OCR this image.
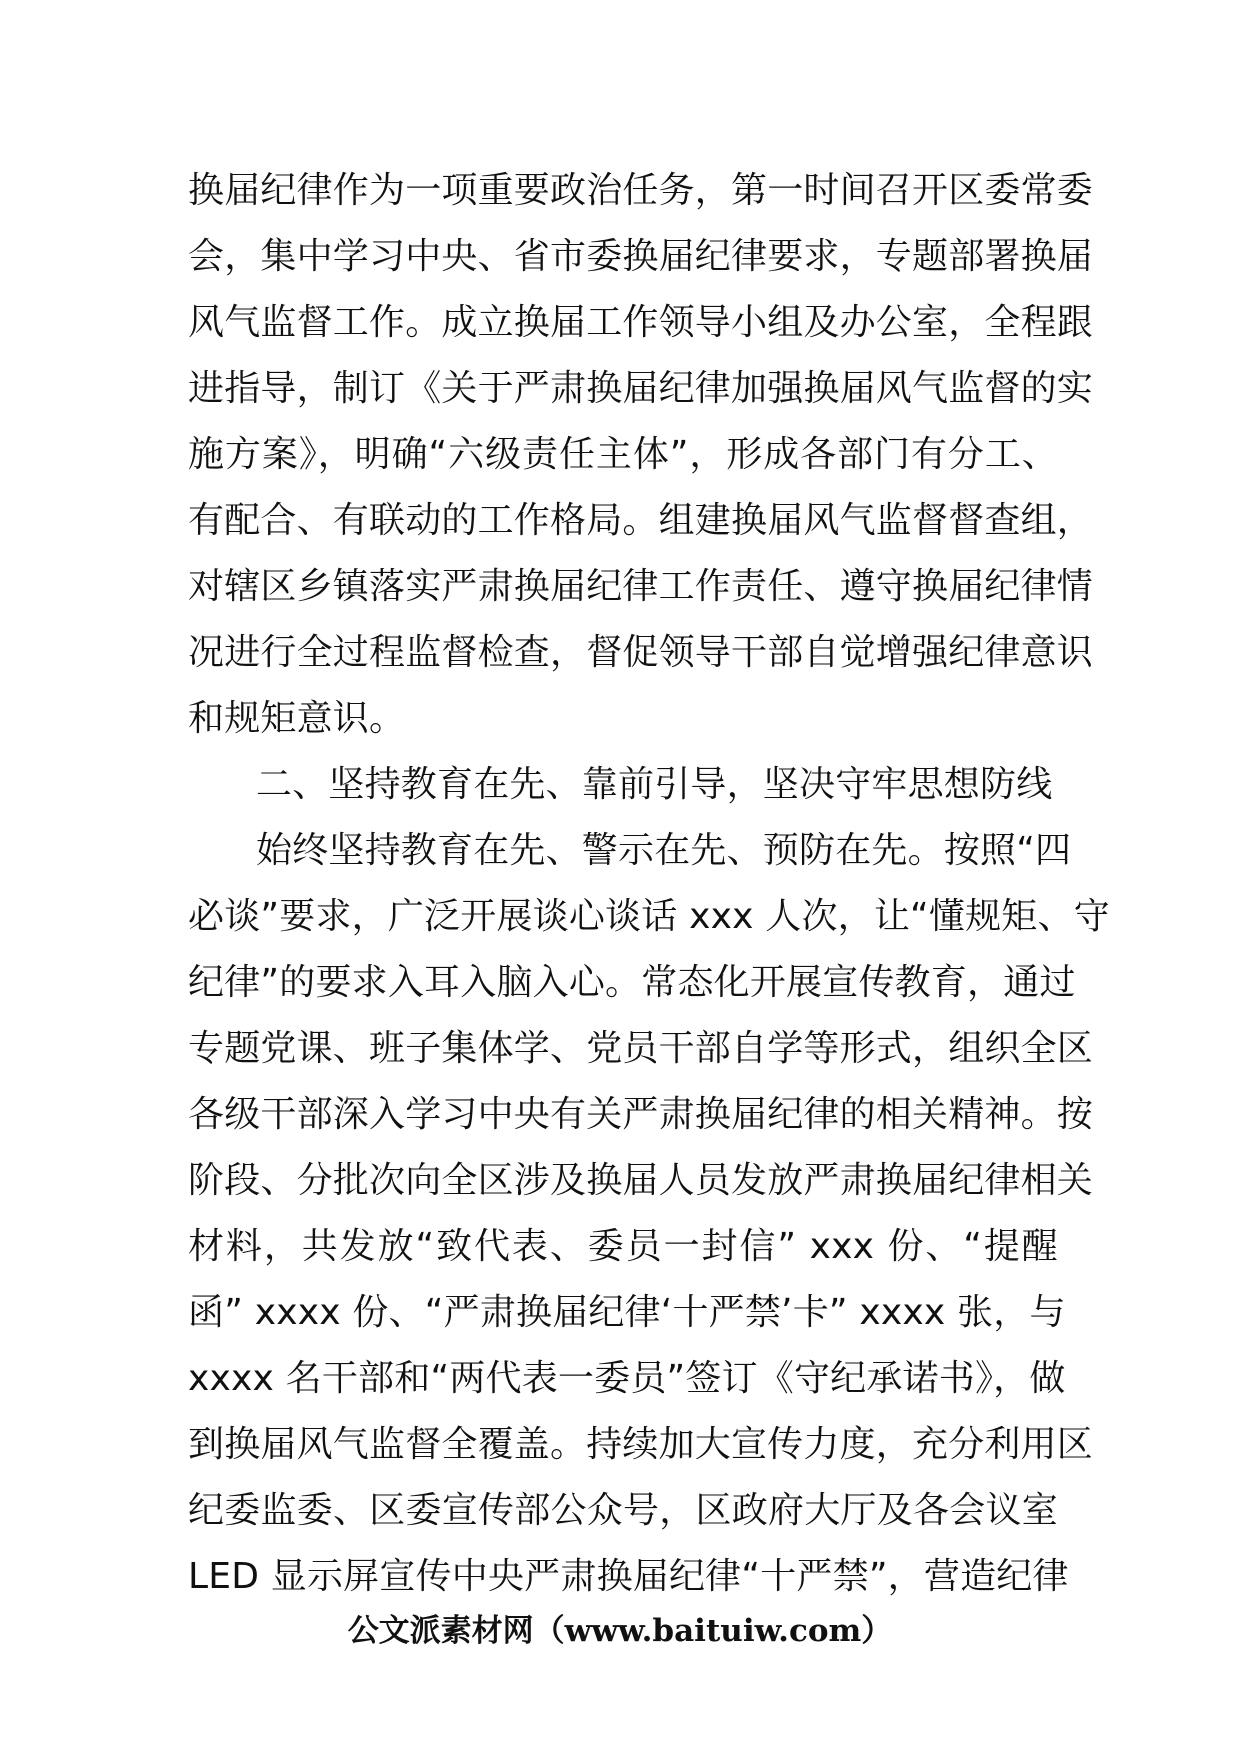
换届纪律作为一项重要政治任务，第一时间召开区委常委
会，集中学习中央、省市委换届纪律要求，专题部署换届
风气监督工作。成立换届工作领导小组及办公室，全程跟
进指导，制订《关于严肃换届纪律加强换届风气监督的实
施方案》，明确“六级责任主体”，形成各部门有分工、
有配合、有联动的工作格局。组建换届风气监督督查组，
对辖区乡镇落实严肃换届纪律工作责任、遵守换届纪律情
况进行全过程监督检查，督促领导干部自觉增强纪律意识
和规矩意识。
二、坚持教育在先、靠前引导，坚决守牢思想防线
始终坚持教育在先、警示在先、预防在先。按照“四
必谈”要求，广泛开展谈心谈话 xxx 人次，让“懂规矩、守
纪律”的要求入耳入脑入心。常态化开展宣传教育，通过
专题党课、班子集体学、党员干部自学等形式，组织全区
各级干部深入学习中央有关严肃换届纪律的相关精神。按
阶段、分批次向全区涉及换届人员发放严肃换届纪律相关
材料，共发放“致代表、委员一封信” xxx 份、“提醒
函” xxxx 份、“严肃换届纪律‘十严禁’卡” xxxx 张，与
xxxx 名干部和“两代表一委员”签订《守纪承诺书》，做
到换届风气监督全覆盖。持续加大宣传力度，充分利用区
纪委监委、区委宣传部公众号，区政府大厅及各会议室
LED 显示屏宣传中央严肃换届纪律“十严禁”，营造纪律
公文派素材网（www.baituiw.com）
